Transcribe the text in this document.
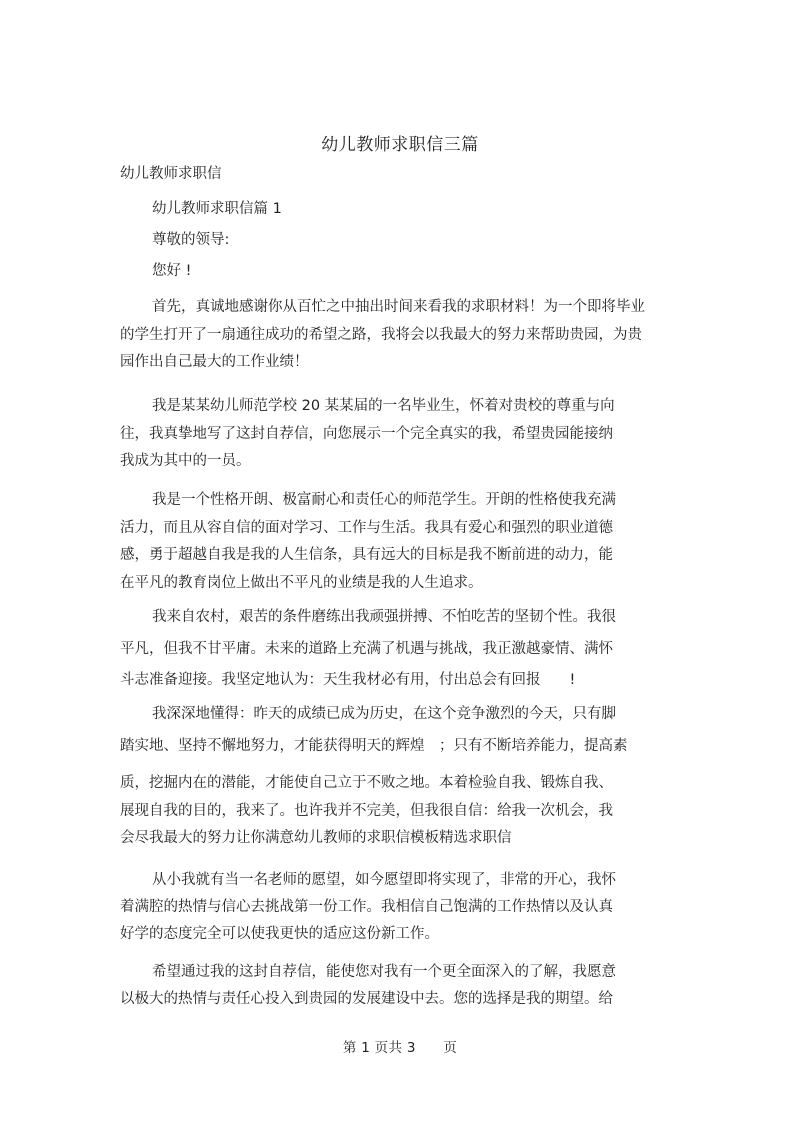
幼儿教师求职信三篇
幼儿教师求职信
幼儿教师求职信篇 1
尊敬的领导:
您好 !
首先，真诚地感谢你从百忙之中抽出时间来看我的求职材料！为一个即将毕业
的学生打开了一扇通往成功的希望之路，我将会以我最大的努力来帮助贵园，为贵
园作出自己最大的工作业绩！
我是某某幼儿师范学校 20 某某届的一名毕业生，怀着对贵校的尊重与向
往，我真挚地写了这封自荐信，向您展示一个完全真实的我，希望贵园能接纳
我成为其中的一员。
我是一个性格开朗、极富耐心和责任心的师范学生。开朗的性格使我充满
活力，而且从容自信的面对学习、工作与生活。我具有爱心和强烈的职业道德
感，勇于超越自我是我的人生信条，具有远大的目标是我不断前进的动力，能
在平凡的教育岗位上做出不平凡的业绩是我的人生追求。
我来自农村，艰苦的条件磨练出我顽强拼搏、不怕吃苦的坚韧个性。我很
平凡，但我不甘平庸。未来的道路上充满了机遇与挑战，我正激越豪情、满怀
斗志准备迎接。我坚定地认为：天生我材必有用，付出总会有回报　　!
我深深地懂得：昨天的成绩已成为历史，在这个竞争激烈的今天，只有脚
踏实地、坚持不懈地努力，才能获得明天的辉煌　；只有不断培养能力，提高素
质，挖掘内在的潜能，才能使自己立于不败之地。本着检验自我、锻炼自我、
展现自我的目的，我来了。也许我并不完美，但我很自信：给我一次机会，我
会尽我最大的努力让你满意幼儿教师的求职信模板精选求职信
从小我就有当一名老师的愿望，如今愿望即将实现了，非常的开心，我怀
着满腔的热情与信心去挑战第一份工作。我相信自己饱满的工作热情以及认真
好学的态度完全可以使我更快的适应这份新工作。
希望通过我的这封自荐信，能使您对我有一个更全面深入的了解，我愿意
以极大的热情与责任心投入到贵园的发展建设中去。您的选择是我的期望。给
第 1 页共 3　　页
